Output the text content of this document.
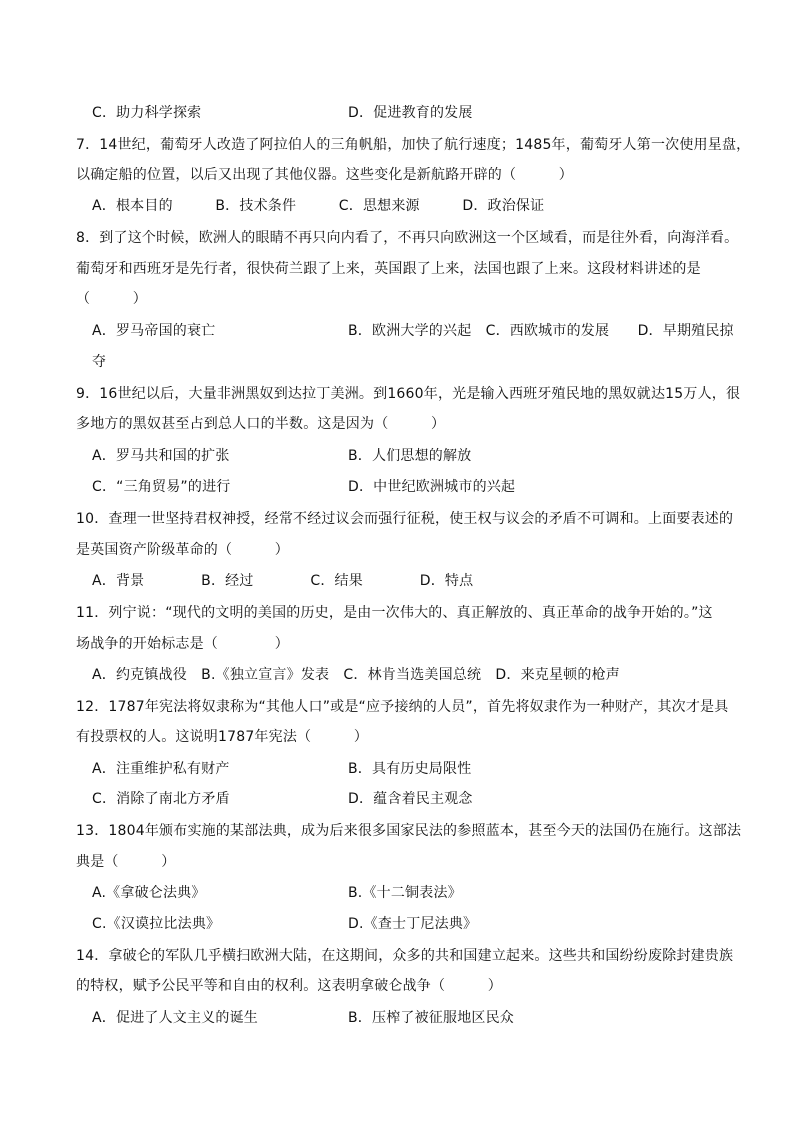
C．助力科学探索	D．促进教育的发展
7．14世纪，葡萄牙人改造了阿拉伯人的三角帆船，加快了航行速度；1485年，葡萄牙人第一次使用星盘，
以确定船的位置，以后又出现了其他仪器。这些变化是新航路开辟的（　　　）
A．根本目的　　　B．技术条件　　　C．思想来源　　　D．政治保证
8．到了这个时候，欧洲人的眼睛不再只向内看了，不再只向欧洲这一个区域看，而是往外看，向海洋看。
葡萄牙和西班牙是先行者，很快荷兰跟了上来，英国跟了上来，法国也跟了上来。这段材料讲述的是
（　　　）
A．罗马帝国的衰亡	B．欧洲大学的兴起　C．西欧城市的发展　　D．早期殖民掠
夺
9．16世纪以后，大量非洲黑奴到达拉丁美洲。到1660年，光是输入西班牙殖民地的黑奴就达15万人，很
多地方的黑奴甚至占到总人口的半数。这是因为（　　　）
A．罗马共和国的扩张	B．人们思想的解放
C．“三角贸易”的进行	D．中世纪欧洲城市的兴起
10．查理一世坚持君权神授，经常不经过议会而强行征税，使王权与议会的矛盾不可调和。上面要表述的
是英国资产阶级革命的（　　　）
A．背景　　　　B．经过　　　　C．结果　　　　D．特点
11．列宁说：“现代的文明的美国的历史，是由一次伟大的、真正解放的、真正革命的战争开始的。”这
场战争的开始标志是（　　　　）
A．约克镇战役　B.《独立宣言》发表　C．林肯当选美国总统　D．来克星顿的枪声
12．1787年宪法将奴隶称为“其他人口”或是“应予接纳的人员”，首先将奴隶作为一种财产，其次才是具
有投票权的人。这说明1787年宪法（　　　）
A．注重维护私有财产	B．具有历史局限性
C．消除了南北方矛盾	D．蕴含着民主观念
13．1804年颁布实施的某部法典，成为后来很多国家民法的参照蓝本，甚至今天的法国仍在施行。这部法
典是（　　　）
A.《拿破仑法典》	B.《十二铜表法》
C.《汉谟拉比法典》	D.《查士丁尼法典》
14．拿破仑的军队几乎横扫欧洲大陆，在这期间，众多的共和国建立起来。这些共和国纷纷废除封建贵族
的特权，赋予公民平等和自由的权利。这表明拿破仑战争（　　　）
A．促进了人文主义的诞生	B．压榨了被征服地区民众
